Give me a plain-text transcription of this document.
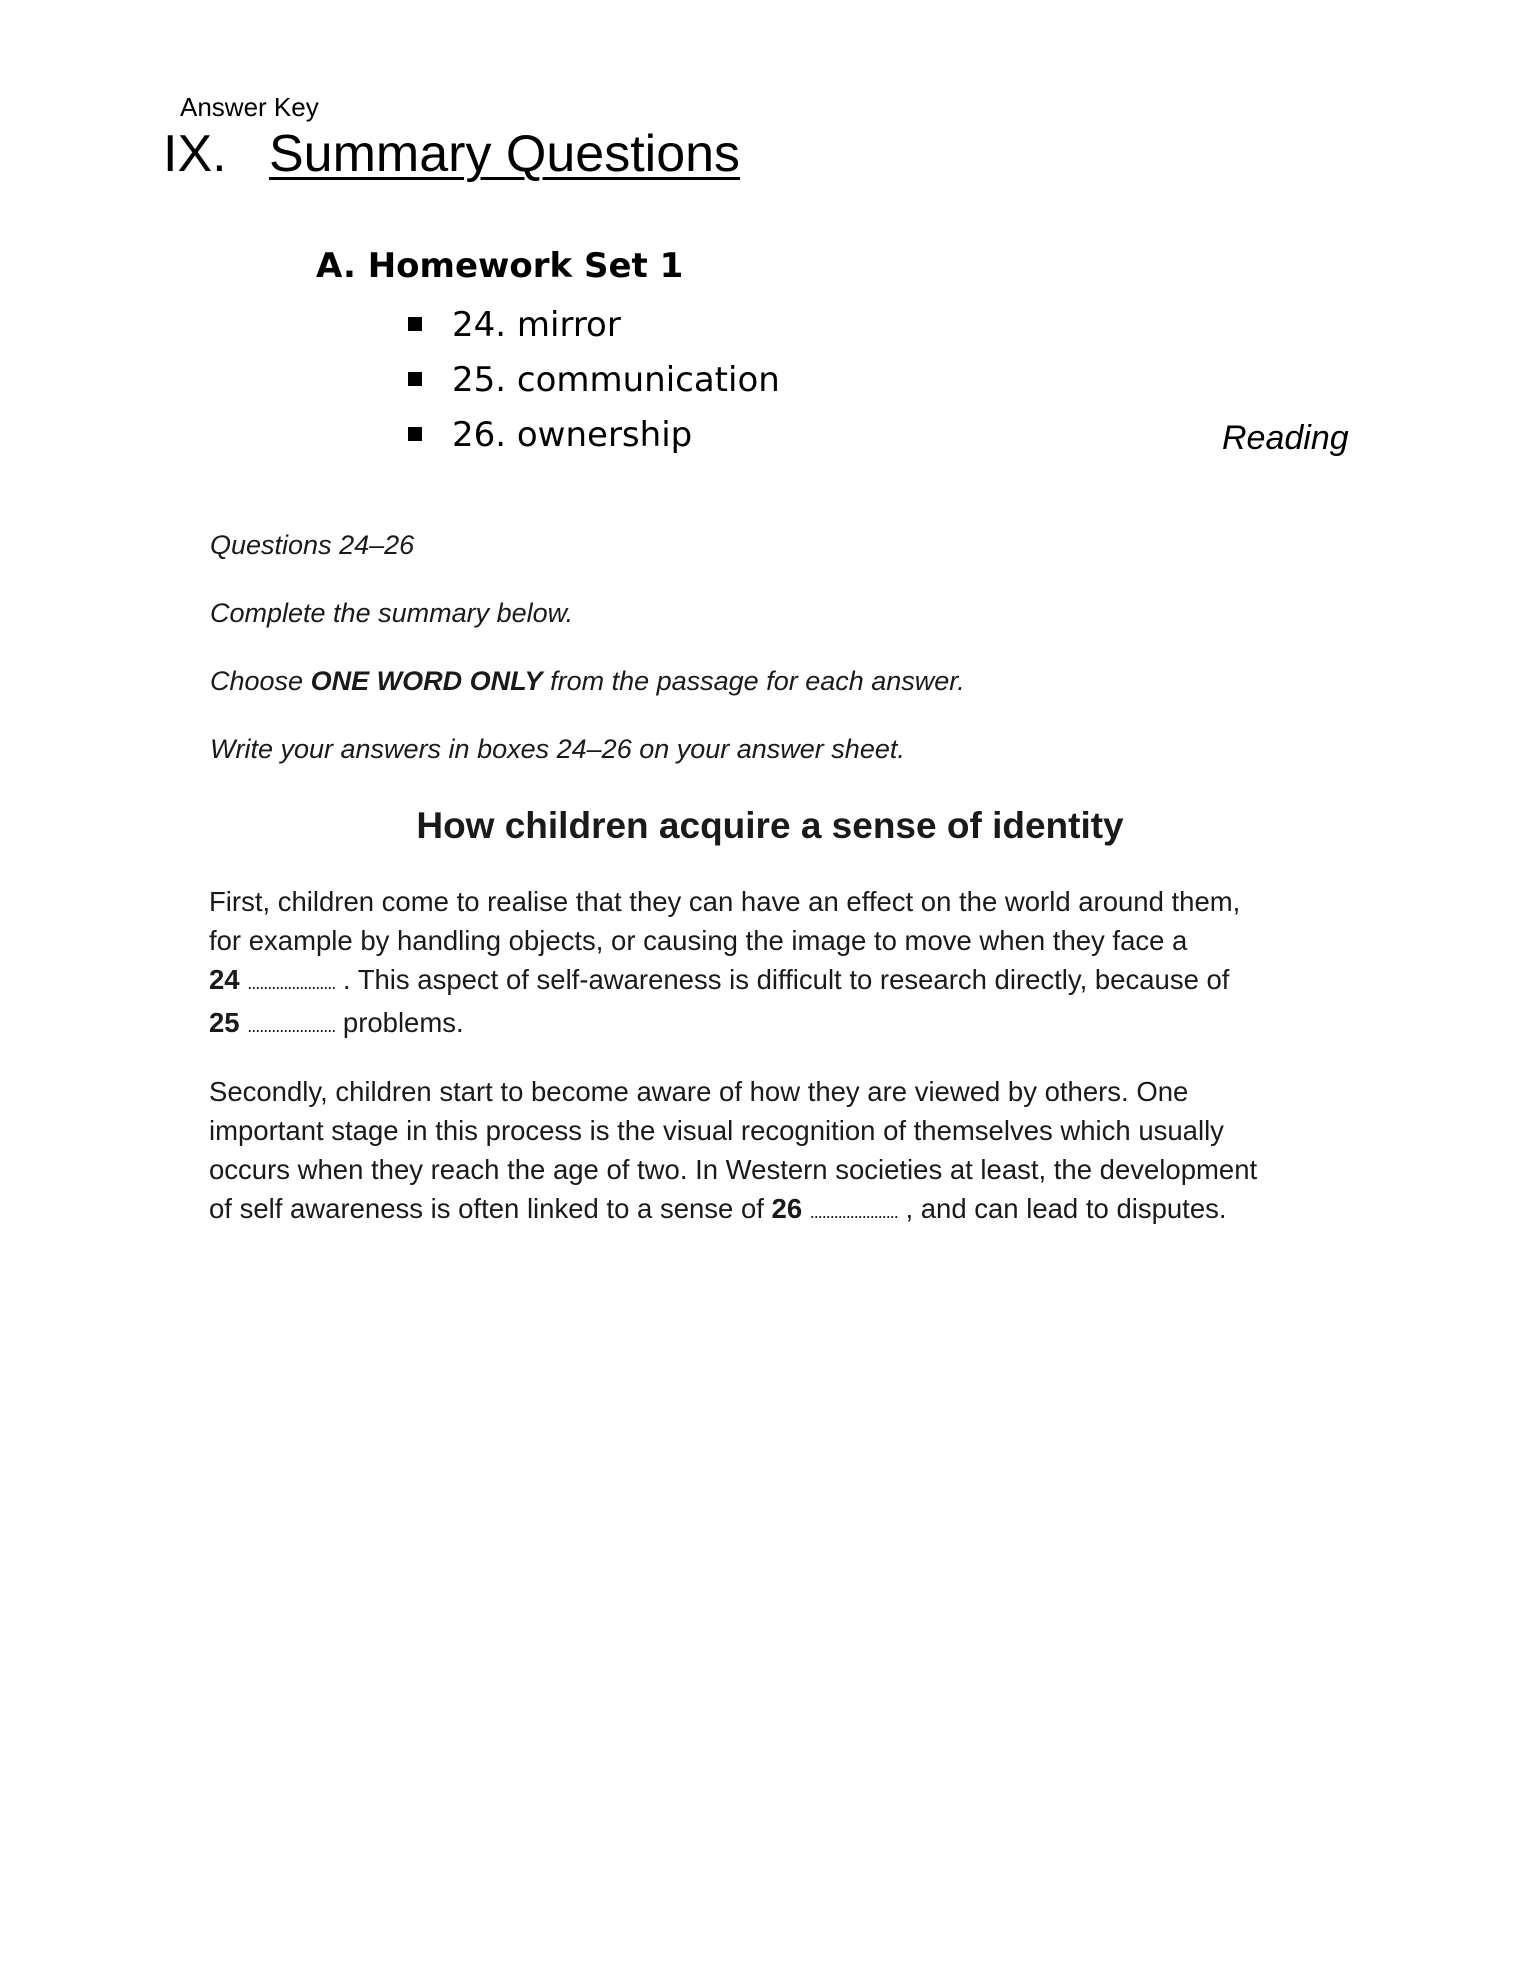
Answer Key
IX. Summary Questions
A. Homework Set 1
24. mirror
25. communication
26. ownership	Reading
Questions 24–26
Complete the summary below.
Choose ONE WORD ONLY from the passage for each answer.
Write your answers in boxes 24–26 on your answer sheet.
How children acquire a sense of identity
First, children come to realise that they can have an effect on the world around them,
for example by handling objects, or causing the image to move when they face a
24 ...................... . This aspect of self-awareness is difficult to research directly, because of
25 ...................... problems.
Secondly, children start to become aware of how they are viewed by others. One
important stage in this process is the visual recognition of themselves which usually
occurs when they reach the age of two. In Western societies at least, the development
of self awareness is often linked to a sense of 26 ...................... , and can lead to disputes.
